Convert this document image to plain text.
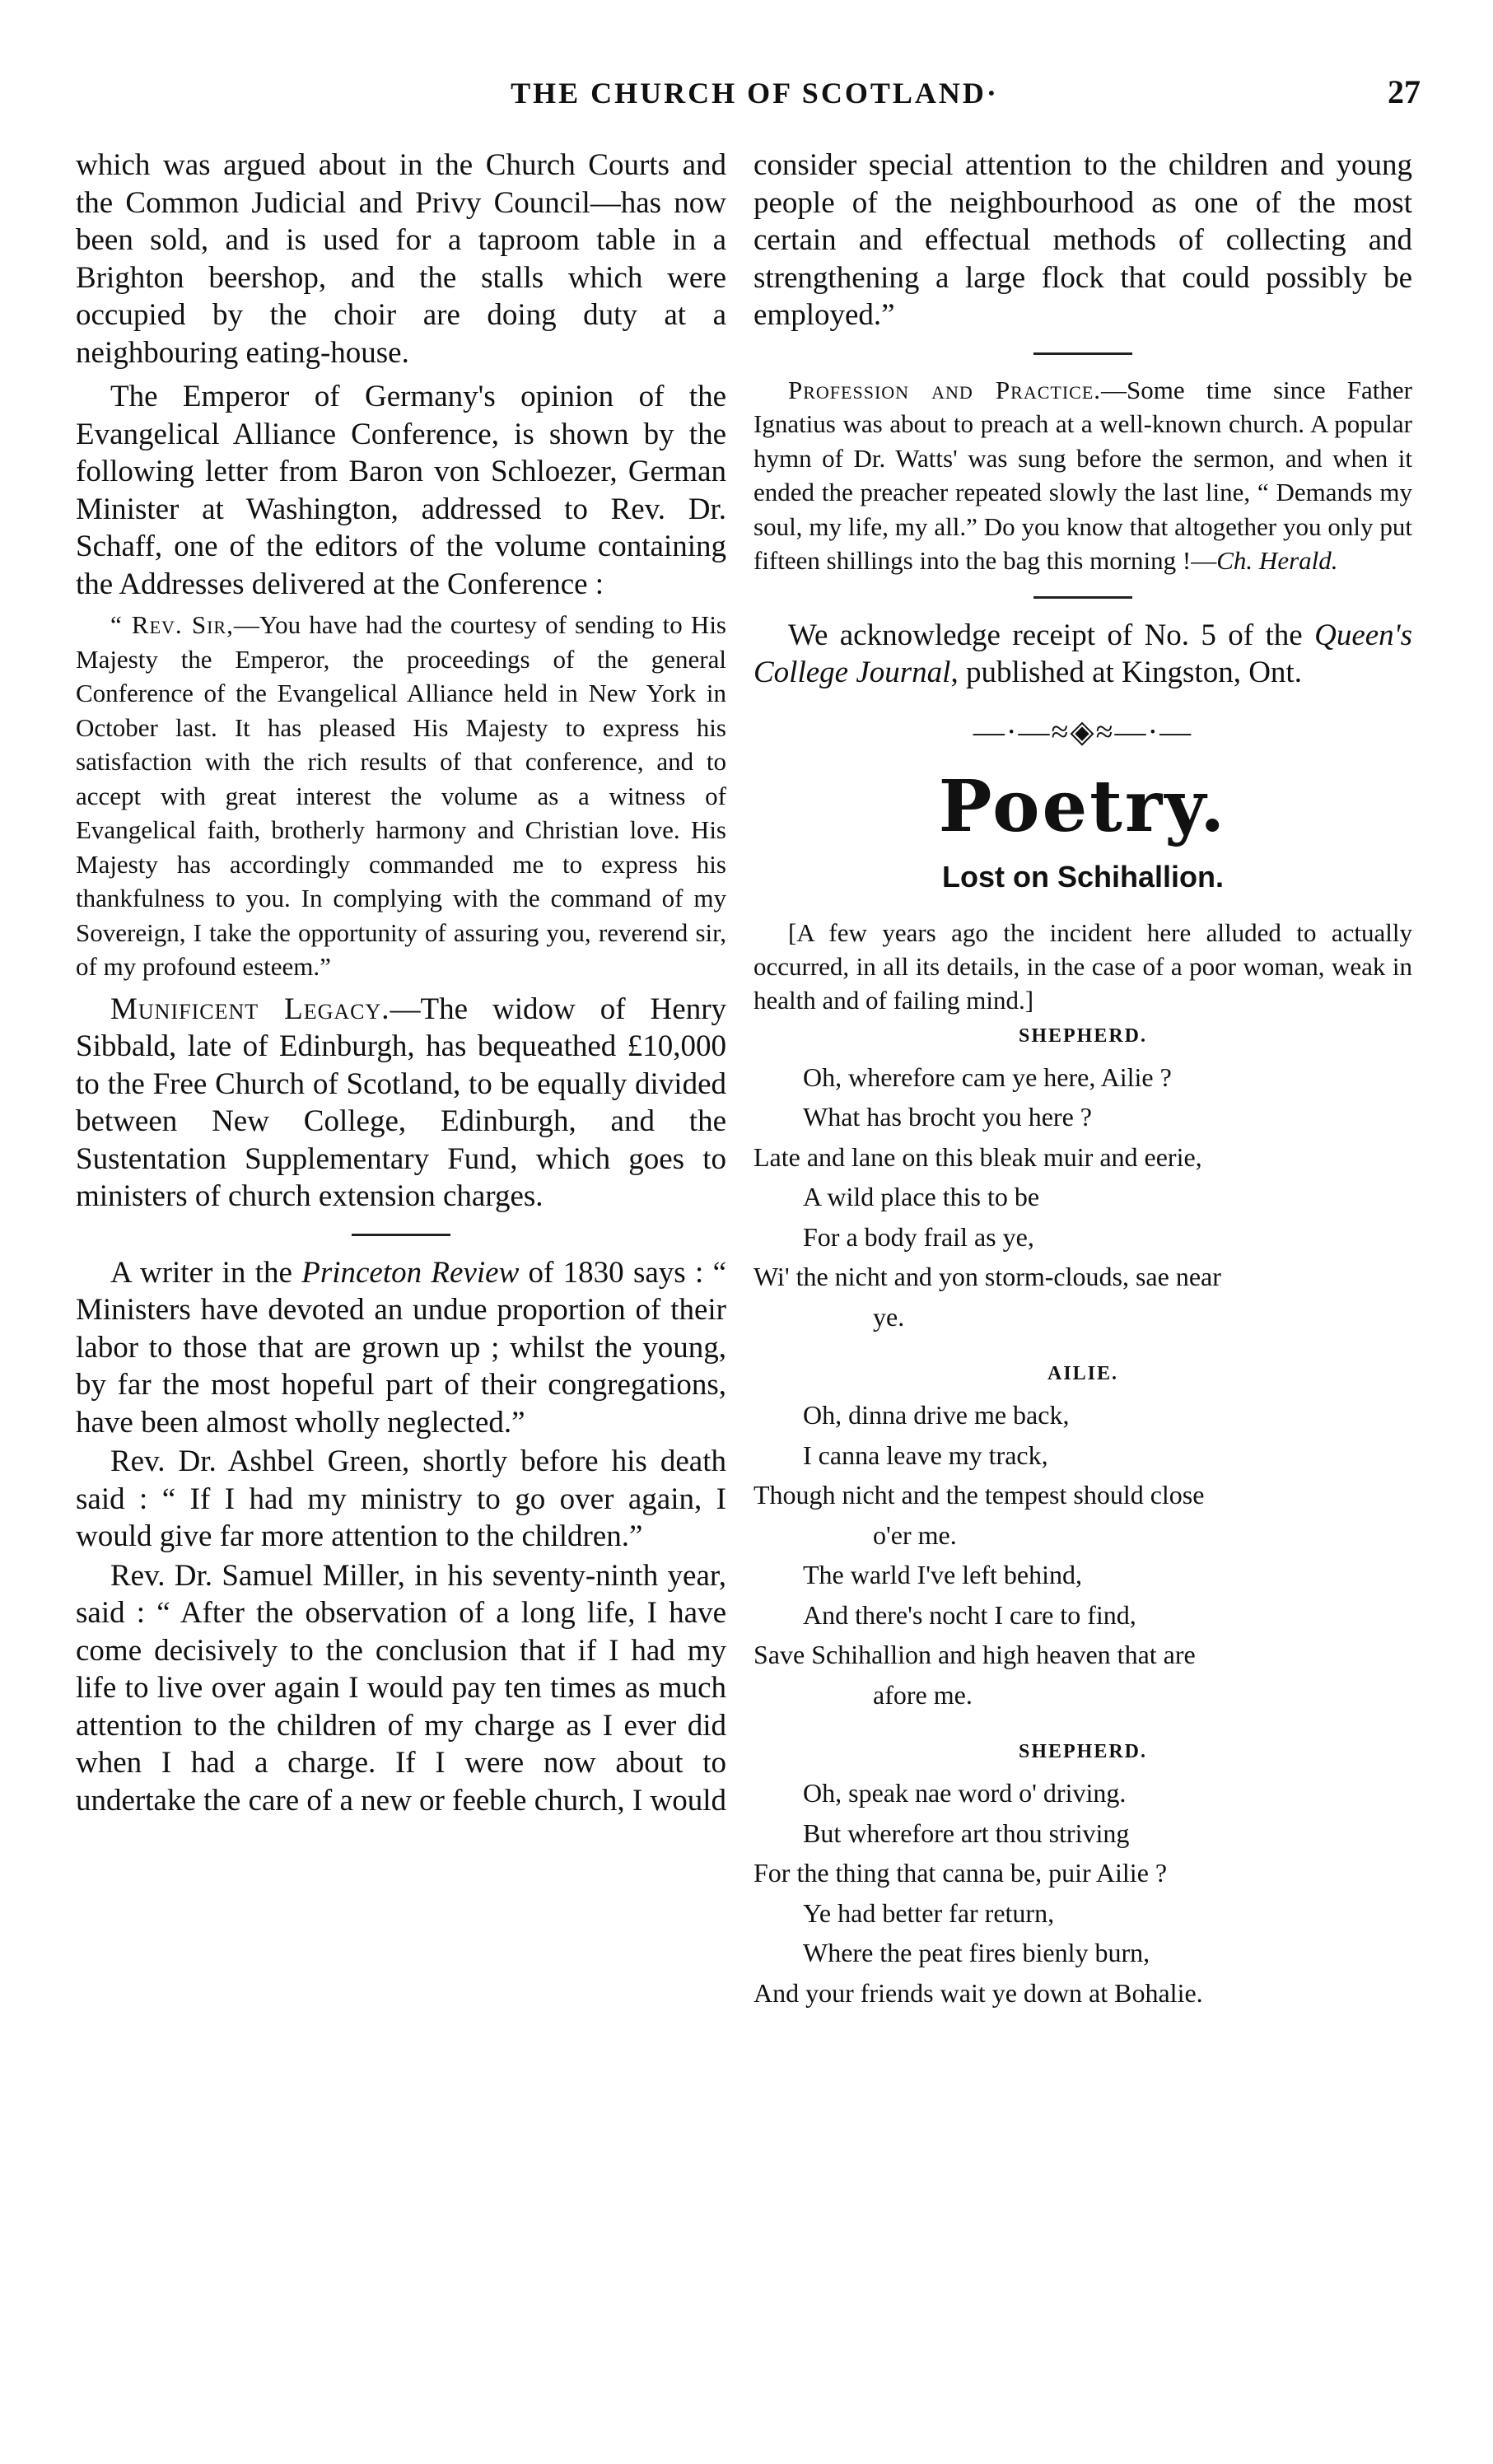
THE CHURCH OF SCOTLAND·	27

which was argued about in the Church Courts and the Common Judicial and Privy Council—has now been sold, and is used for a taproom table in a Brighton beershop, and the stalls which were occupied by the choir are doing duty at a neighbouring eating-house.

The Emperor of Germany's opinion of the Evangelical Alliance Conference, is shown by the following letter from Baron von Schloezer, German Minister at Washington, addressed to Rev. Dr. Schaff, one of the editors of the volume containing the Addresses delivered at the Conference :

“ Rev. Sir,—You have had the courtesy of sending to His Majesty the Emperor, the proceedings of the general Conference of the Evangelical Alliance held in New York in October last. It has pleased His Majesty to express his satisfaction with the rich results of that conference, and to accept with great interest the volume as a witness of Evangelical faith, brotherly harmony and Christian love. His Majesty has accordingly commanded me to express his thankfulness to you. In complying with the command of my Sovereign, I take the opportunity of assuring you, reverend sir, of my profound esteem.”

Munificent Legacy.—The widow of Henry Sibbald, late of Edinburgh, has bequeathed £10,000 to the Free Church of Scotland, to be equally divided between New College, Edinburgh, and the Sustentation Supplementary Fund, which goes to ministers of church extension charges.

A writer in the Princeton Review of 1830 says : “ Ministers have devoted an undue proportion of their labor to those that are grown up ; whilst the young, by far the most hopeful part of their congregations, have been almost wholly neglected.”

Rev. Dr. Ashbel Green, shortly before his death said : “ If I had my ministry to go over again, I would give far more attention to the children.”

Rev. Dr. Samuel Miller, in his seventy-ninth year, said : “ After the observation of a long life, I have come decisively to the conclusion that if I had my life to live over again I would pay ten times as much attention to the children of my charge as I ever did when I had a charge. If I were now about to undertake the care of a new or feeble church, I would

consider special attention to the children and young people of the neighbourhood as one of the most certain and effectual methods of collecting and strengthening a large flock that could possibly be employed.”

Profession and Practice.—Some time since Father Ignatius was about to preach at a well-known church. A popular hymn of Dr. Watts' was sung before the sermon, and when it ended the preacher repeated slowly the last line, “ Demands my soul, my life, my all.” Do you know that altogether you only put fifteen shillings into the bag this morning !—Ch. Herald.

We acknowledge receipt of No. 5 of the Queen's College Journal, published at Kingston, Ont.

—·—≈◈≈—·—
Poetry.
Lost on Schihallion.

[A few years ago the incident here alluded to actually occurred, in all its details, in the case of a poor woman, weak in health and of failing mind.]

SHEPHERD.
Oh, wherefore cam ye here, Ailie ?
What has brocht you here ?
Late and lane on this bleak muir and eerie,
A wild place this to be
For a body frail as ye,
Wi' the nicht and yon storm-clouds, sae near
ye.
AILIE.
Oh, dinna drive me back,
I canna leave my track,
Though nicht and the tempest should close
o'er me.
The warld I've left behind,
And there's nocht I care to find,
Save Schihallion and high heaven that are
afore me.
SHEPHERD.
Oh, speak nae word o' driving.
But wherefore art thou striving
For the thing that canna be, puir Ailie ?
Ye had better far return,
Where the peat fires bienly burn,
And your friends wait ye down at Bohalie.
